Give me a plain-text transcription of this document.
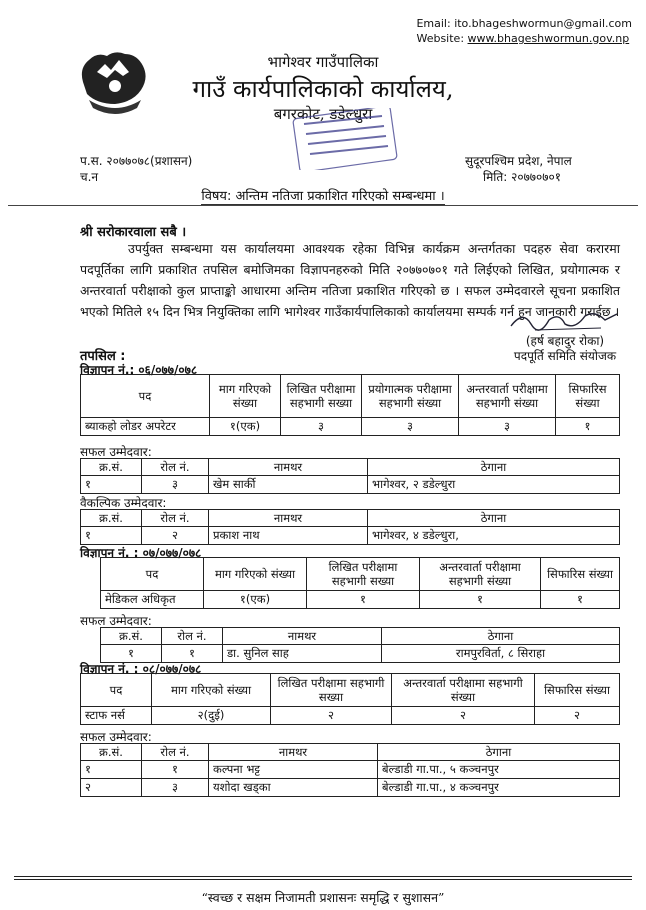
Email: ito.bhageshwormun@gmail.com
Website: www.bhageshwormun.gov.np
भागेश्वर गाउँपालिका
गाउँ कार्यपालिकाको कार्यालय,
बगरकोट, डडेल्धुरा
प.स. २०७७०७८(प्रशासन)
च.न
सुदूरपश्चिम प्रदेश, नेपाल
मिति: २०७७०७०१
विषय: अन्तिम नतिजा प्रकाशित गरिएको सम्बन्धमा ।
श्री सरोकारवाला सबै ।
उपर्युक्त सम्बन्धमा यस कार्यालयमा आवश्यक रहेका विभिन्न कार्यक्रम अन्तर्गतका पदहरु सेवा करारमा पदपूर्तिका लागि प्रकाशित तपसिल बमोजिमका विज्ञापनहरुको मिति २०७७०७०१ गते लिईएको लिखित, प्रयोगात्मक र अन्तरवार्ता परीक्षाको कुल प्राप्ताङ्को आधारमा अन्तिम नतिजा प्रकाशित गरिएको छ । सफल उम्मेदवारले सूचना प्रकाशित भएको मितिले १५ दिन भित्र नियुक्तिका लागि भागेश्वर गाउँकार्यपालिकाको कार्यालयमा सम्पर्क गर्न हुन जानकारी गराईछ ।
(हर्ष बहादुर रोका)
पदपूर्ति समिति संयोजक
तपसिल :
विज्ञापन नं.: ०६/०७७/०७८
पद	माग गरिएको संख्या	लिखित परीक्षामा सहभागी सख्या	प्रयोगात्मक परीक्षामा सहभागी संख्या	अन्तरवार्ता परीक्षामा सहभागी संख्या	सिफारिस संख्या
ब्याकहो लोडर अपरेटर	१(एक)	३	३	३	१
सफल उम्मेदवार:
क्र.सं.	रोल नं.	नामथर	ठेगाना
१	३	खेम सार्की	भागेश्वर, २ डडेल्धुरा
वैकल्पिक उम्मेदवार:
क्र.सं.	रोल नं.	नामथर	ठेगाना
१	२	प्रकाश नाथ	भागेश्वर, ४ डडेल्धुरा,
विज्ञापन नं. : ०७/०७७/०७८
पद	माग गरिएको संख्या	लिखित परीक्षामा सहभागी सख्या	अन्तरवार्ता परीक्षामा सहभागी संख्या	सिफारिस संख्या
मेडिकल अधिकृत	१(एक)	१	१	१
सफल उम्मेदवार:
क्र.सं.	रोल नं.	नामथर	ठेगाना
१	१	डा. सुनिल साह	रामपुरविर्ता, ८ सिराहा
विज्ञापन नं. : ०८/०७७/०७८
पद	माग गरिएको संख्या	लिखित परीक्षामा सहभागी सख्या	अन्तरवार्ता परीक्षामा सहभागी संख्या	सिफारिस संख्या
स्टाफ नर्स	२(दुई)	२	२	२
सफल उम्मेदवार:
क्र.सं.	रोल नं.	नामथर	ठेगाना
१	१	कल्पना भट्ट	बेल्डाडी गा.पा., ५ कञ्चनपुर
२	३	यशोदा खड्का	बेल्डाडी गा.पा., ४ कञ्चनपुर
“स्वच्छ र सक्षम निजामती प्रशासनः समृद्धि र सुशासन”
